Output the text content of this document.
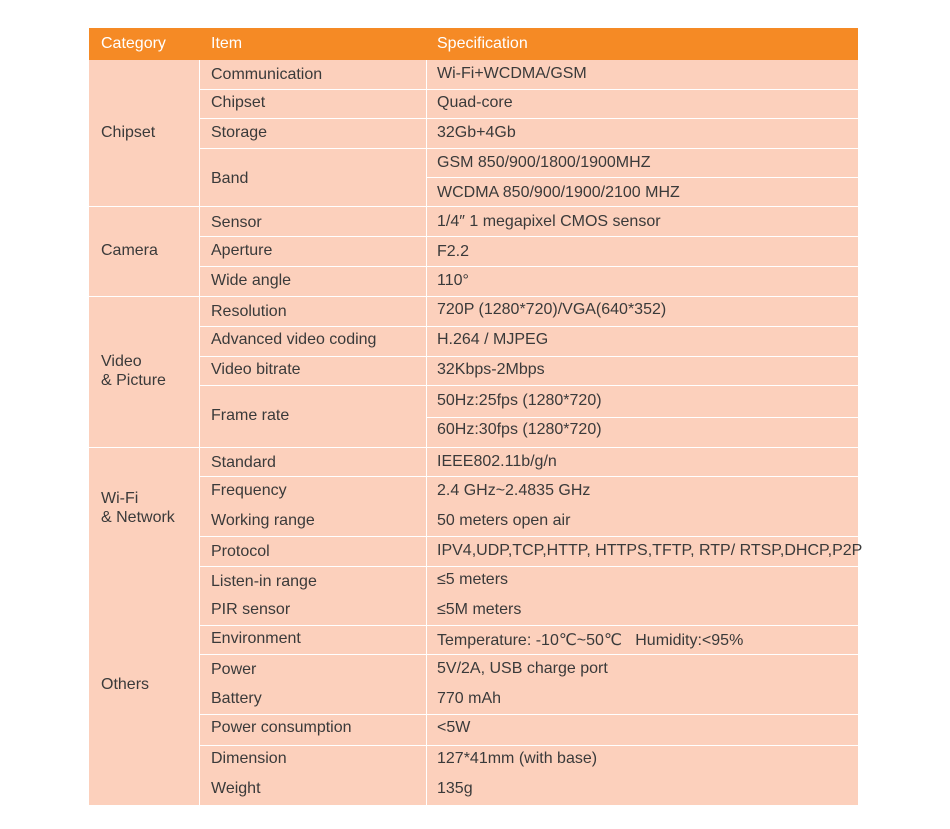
Category	Item	Specification
Chipset
Camera
Video
& Picture
Wi-Fi
& Network
Others
Communication
Chipset
Storage
Band
Sensor
Aperture
Wide angle
Resolution
Advanced video coding
Video bitrate
Frame rate
Standard
Frequency
Working range
Protocol
Listen-in range
PIR sensor
Environment
Power
Battery
Power consumption
Dimension
Weight
Wi-Fi+WCDMA/GSM
Quad-core
32Gb+4Gb
GSM 850/900/1800/1900MHZ
WCDMA 850/900/1900/2100 MHZ
1/4″ 1 megapixel CMOS sensor
F2.2
110°
720P (1280*720)/VGA(640*352)
H.264 / MJPEG
32Kbps-2Mbps
50Hz:25fps (1280*720)
60Hz:30fps (1280*720)
IEEE802.11b/g/n
2.4 GHz~2.4835 GHz
50 meters open air
IPV4,UDP,TCP,HTTP, HTTPS,TFTP, RTP/ RTSP,DHCP,P2P
≤5 meters
≤5M meters
Temperature: -10℃~50℃   Humidity:<95%
5V/2A, USB charge port
770 mAh
<5W
127*41mm (with base)
135g
